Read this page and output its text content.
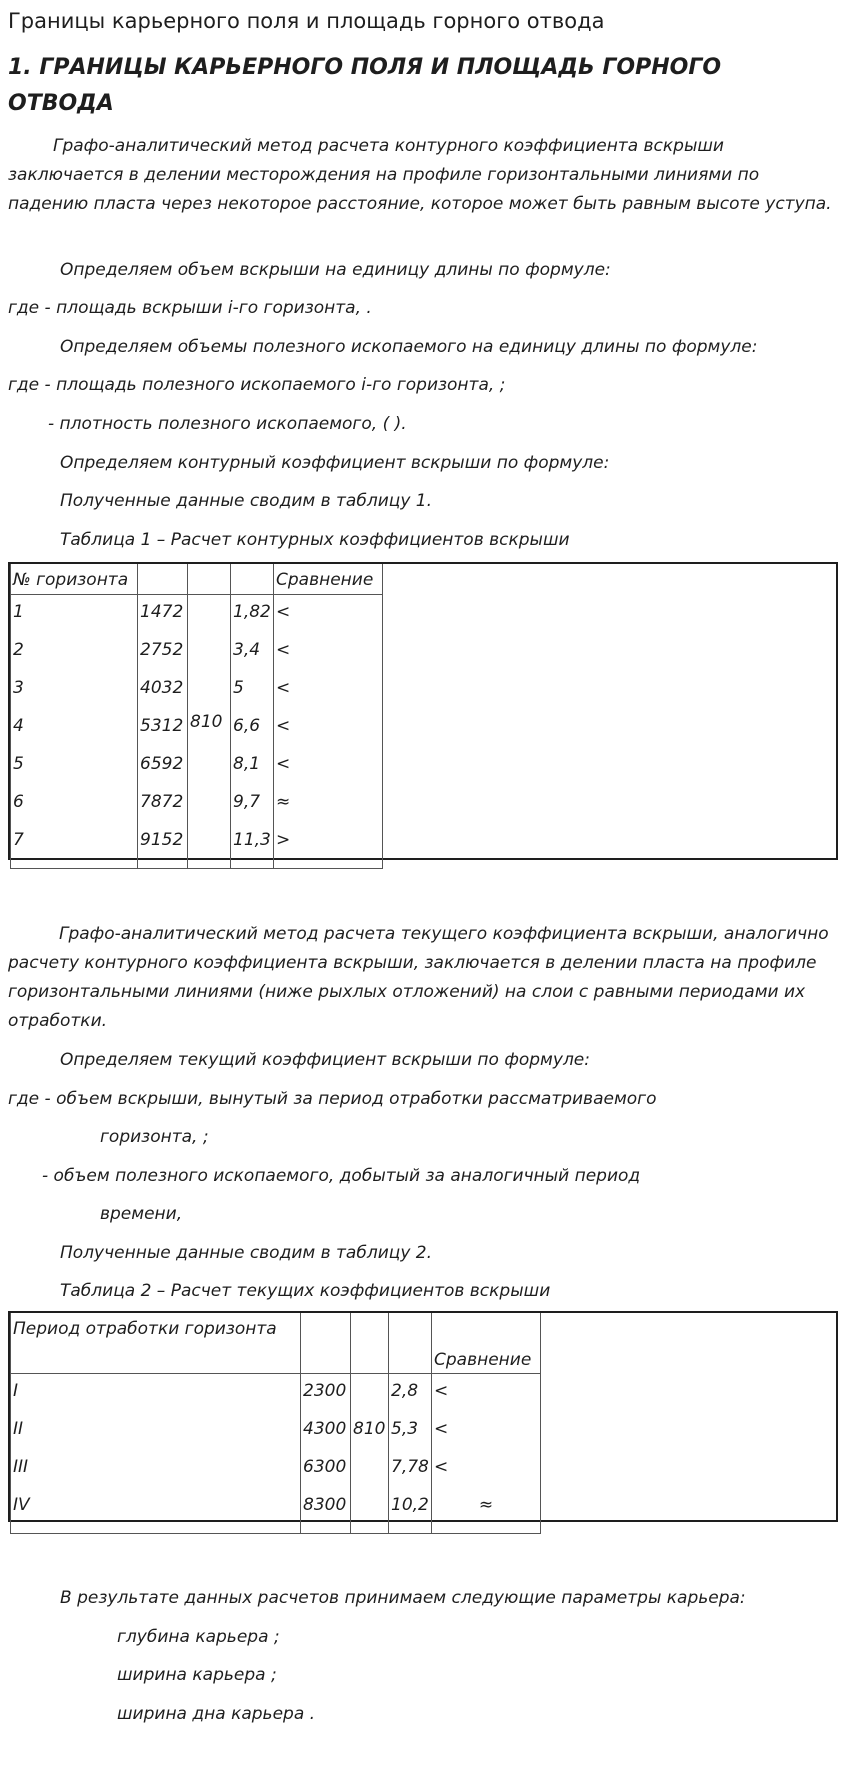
Границы карьерного поля и площадь горного отвода
1. ГРАНИЦЫ КАРЬЕРНОГО ПОЛЯ И ПЛОЩАДЬ ГОРНОГО ОТВОДА

Графо-аналитический метод расчета контурного коэффициента вскрыши заключается в делении месторождения на профиле горизонтальными линиями по падению пласта через некоторое расстояние, которое может быть равным высоте уступа.

Определяем объем вскрыши на единицу длины по формуле:

где - площадь вскрыши i-го горизонта, .

Определяем объемы полезного ископаемого на единицу длины по формуле:

где - площадь полезного ископаемого i-го горизонта, ;

- плотность полезного ископаемого, ( ).

Определяем контурный коэффициент вскрыши по формуле:

Полученные данные сводим в таблицу 1.

Таблица 1 – Расчет контурных коэффициентов вскрыши

№ горизонта				Сравнение
1	1472	810	1,82	<
2	2752		3,4	<
3	4032		5	<
4	5312		6,6	<
5	6592		8,1	<
6	7872		9,7	≈
7	9152		11,3	>

Графо-аналитический метод расчета текущего коэффициента вскрыши, аналогично расчету контурного коэффициента вскрыши, заключается в делении пласта на профиле горизонтальными линиями (ниже рыхлых отложений) на слои с равными периодами их отработки.

Определяем текущий коэффициент вскрыши по формуле:

где - объем вскрыши, вынутый за период отработки рассматриваемого

горизонта, ;

- объем полезного ископаемого, добытый за аналогичный период

времени,

Полученные данные сводим в таблицу 2.

Таблица 2 – Расчет текущих коэффициентов вскрыши

Период отработки горизонта				Сравнение
I	2300		2,8	<
II	4300	810	5,3	<
III	6300		7,78	<
IV	8300		10,2	≈

В результате данных расчетов принимаем следующие параметры карьера:

глубина карьера ;

ширина карьера ;

ширина дна карьера .
